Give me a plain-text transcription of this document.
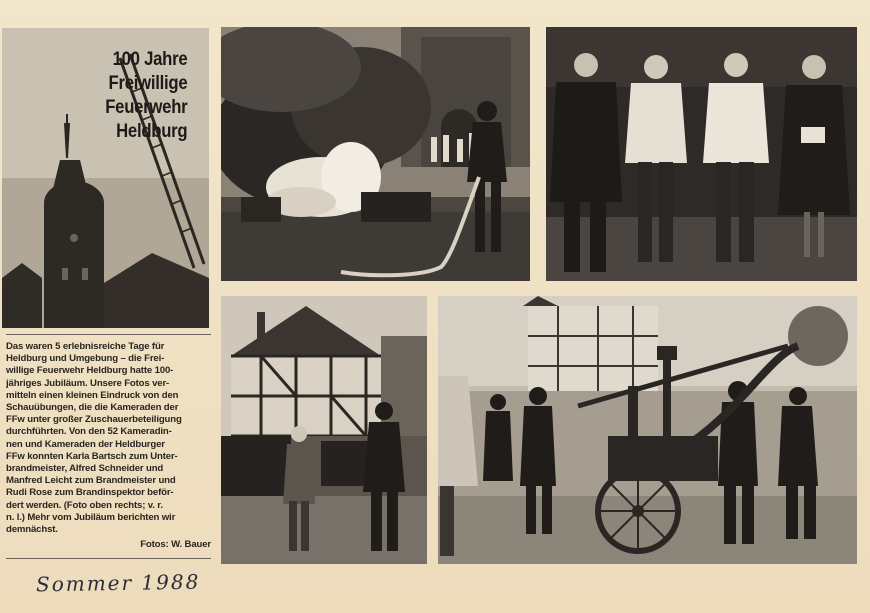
100 Jahre
Freiwillige
Feuerwehr
Heldburg
Das waren 5 erlebnisreiche Tage für
Heldburg und Umgebung – die Frei-
willige Feuerwehr Heldburg hatte 100-
jähriges Jubiläum. Unsere Fotos ver-
mitteln einen kleinen Eindruck von den
Schauübungen, die die Kameraden der
FFw unter großer Zuschauerbeteiligung
durchführten. Von den 52 Kameradin-
nen und Kameraden der Heldburger
FFw konnten Karla Bartsch zum Unter-
brandmeister, Alfred Schneider und
Manfred Leicht zum Brandmeister und
Rudi Rose zum Brandinspektor beför-
dert werden. (Foto oben rechts; v. r.
n. l.) Mehr vom Jubiläum berichten wir
demnächst.
Fotos: W. Bauer
Sommer 1988
